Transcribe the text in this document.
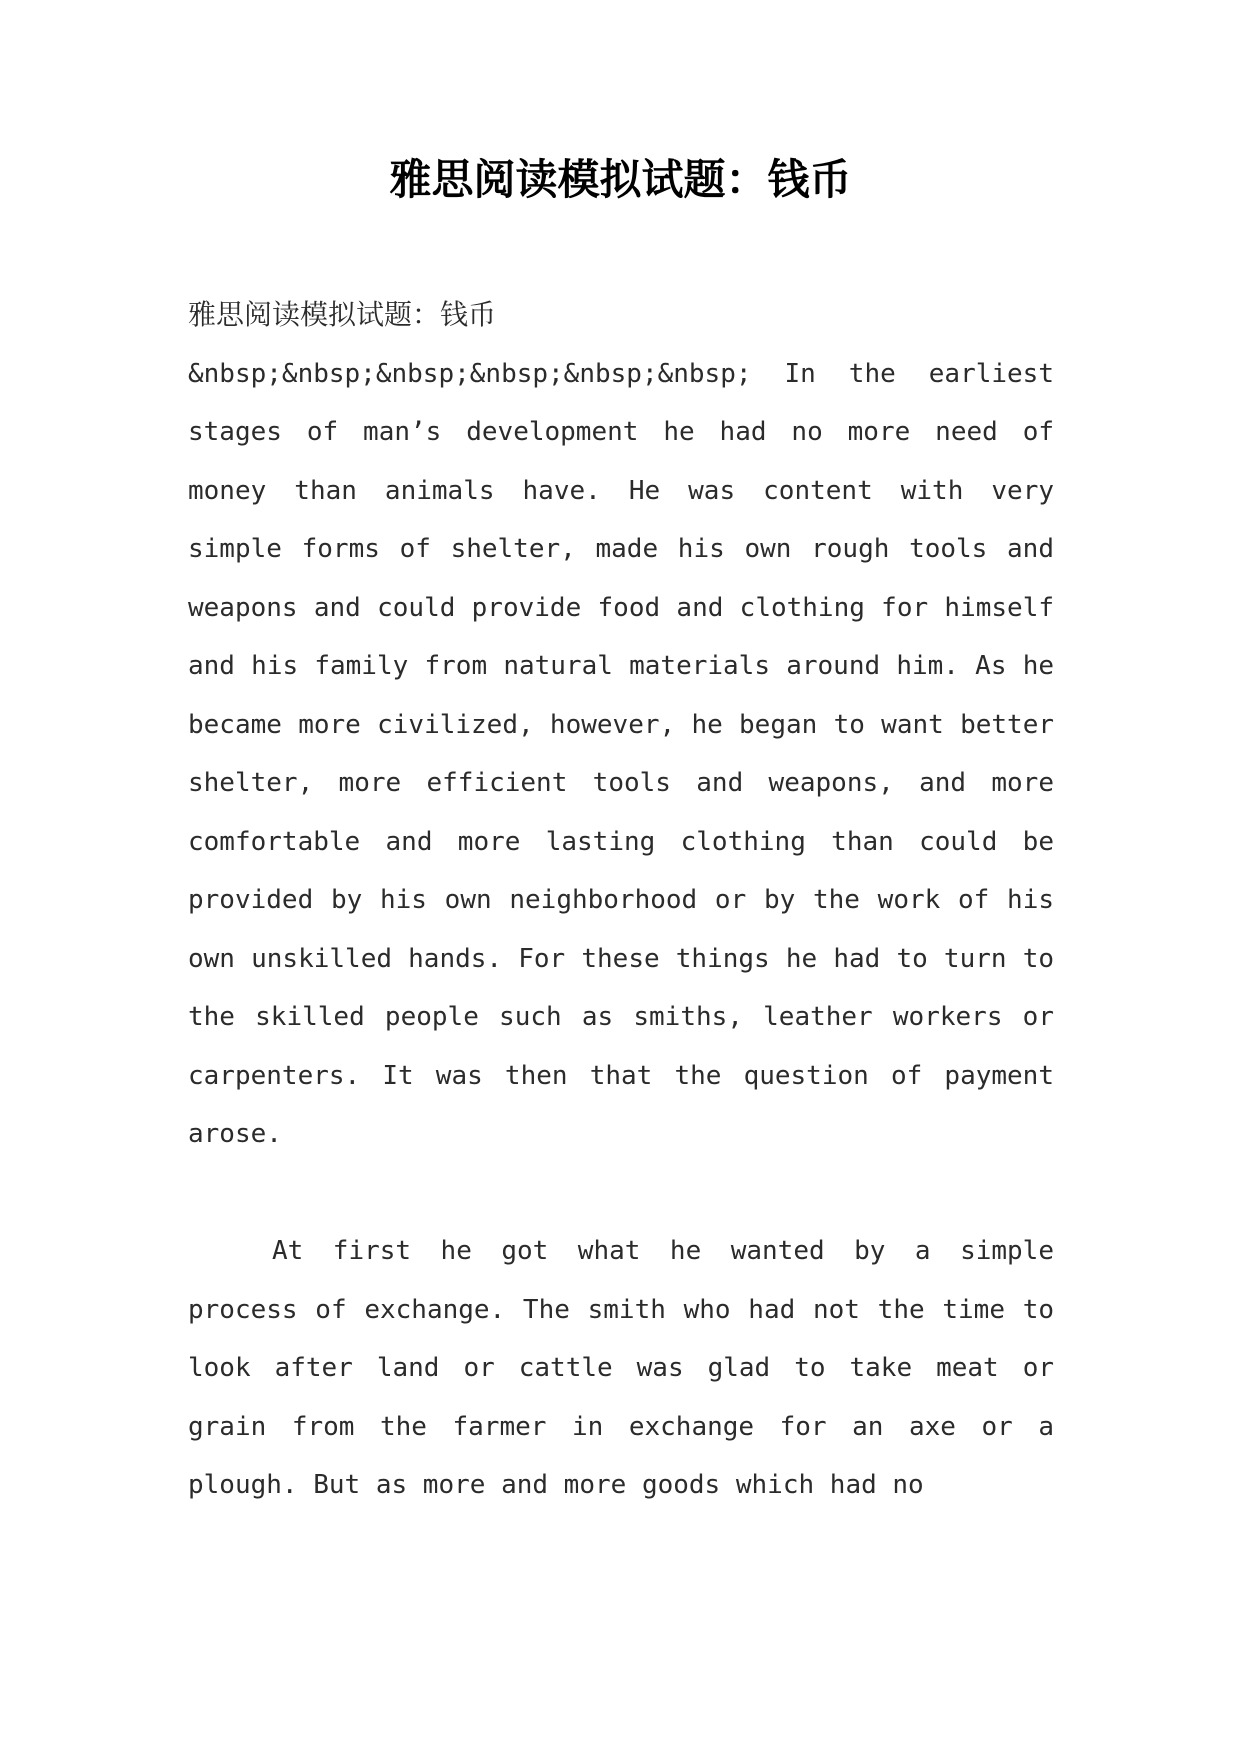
雅思阅读模拟试题：钱币

雅思阅读模拟试题：钱币

&nbsp;&nbsp;&nbsp;&nbsp;&nbsp;&nbsp; In the earliest stages of man’s development he had no more need of money than animals have. He was content with very simple forms of shelter, made his own rough tools and weapons and could provide food and clothing for himself and his family from natural materials around him. As he became more civilized, however, he began to want better shelter, more efficient tools and weapons, and more comfortable and more lasting clothing than could be provided by his own neighborhood or by the work of his own unskilled hands. For these things he had to turn to the skilled people such as smiths, leather workers or carpenters. It was then that the question of payment arose.

At first he got what he wanted by a simple process of exchange. The smith who had not the time to look after land or cattle was glad to take meat or grain from the farmer in exchange for an axe or a plough. But as more and more goods which had no
